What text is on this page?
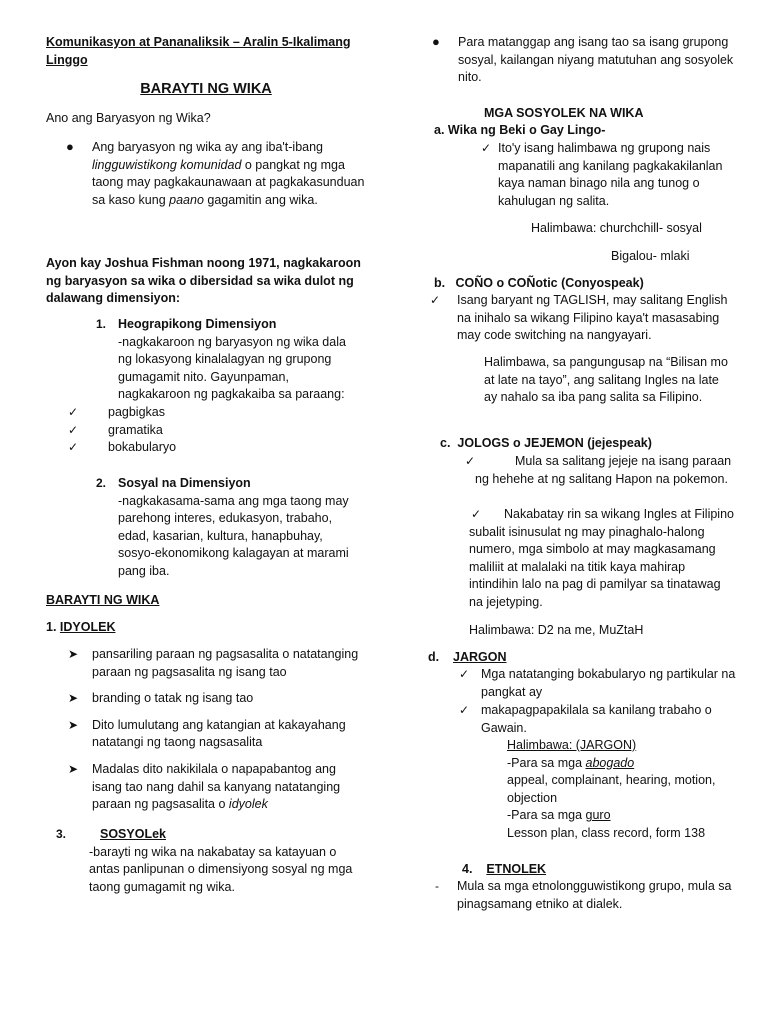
Komunikasyon at Pananaliksik – Aralin 5-Ikalimang
Linggo
BARAYTI NG WIKA
Ano ang Baryasyon ng Wika?
●	Ang baryasyon ng wika ay ang iba't-ibang lingguwistikong komunidad o pangkat ng mga taong may pagkakaunawaan at pagkakasunduan sa kaso kung paano gagamitin ang wika.
Ayon kay Joshua Fishman noong 1971, nagkakaroon ng baryasyon sa wika o dibersidad sa wika dulot ng dalawang dimensiyon:
1. Heograpikong Dimensiyon
-nagkakaroon ng baryasyon ng wika dala ng lokasyong kinalalagyan ng grupong gumagamit nito. Gayunpaman, nagkakaroon ng pagkakaiba sa paraang:
✓ pagbigkas
✓ gramatika
✓ bokabularyo
2. Sosyal na Dimensiyon
-nagkakasama-sama ang mga taong may parehong interes, edukasyon, trabaho, edad, kasarian, kultura, hanapbuhay, sosyo-ekonomikong kalagayan at marami pang iba.
BARAYTI NG WIKA
1. IDYOLEK
➤	pansariling paraan ng pagsasalita o natatanging paraan ng pagsasalita ng isang tao
➤	branding o tatak ng isang tao
➤	Dito lumulutang ang katangian at kakayahang natatangi ng taong nagsasalita
➤	Madalas dito nakikilala o napapabantog ang isang tao nang dahil sa kanyang natatanging paraan ng pagsasalita o idyolek
3.	SOSYOLek
-barayti ng wika na nakabatay sa katayuan o antas panlipunan o dimensiyong sosyal ng mga taong gumagamit ng wika.
●	Para matanggap ang isang tao sa isang grupong sosyal, kailangan niyang matutuhan ang sosyolek nito.
MGA SOSYOLEK NA WIKA
a. Wika ng Beki o Gay Lingo-
✓ Ito'y isang halimbawa ng grupong nais mapanatili ang kanilang pagkakakilanlan kaya naman binago nila ang tunog o kahulugan ng salita.
Halimbawa: churchchill- sosyal
Bigalou- mlaki
b. COÑO o COÑotic (Conyospeak)
✓	Isang baryant ng TAGLISH, may salitang English na inihalo sa wikang Filipino kaya't masasabing may code switching na nangyayari.
Halimbawa, sa pangungusap na “Bilisan mo at late na tayo”, ang salitang Ingles na late ay nahalo sa iba pang salita sa Filipino.
c. JOLOGS o JEJEMON (jejespeak)
✓	Mula sa salitang jejeje na isang paraan ng hehehe at ng salitang Hapon na pokemon.
✓	Nakabatay rin sa wikang Ingles at Filipino subalit isinusulat ng may pinaghalo-halong numero, mga simbolo at may magkasamang maliliit at malalaki na titik kaya mahirap intindihin lalo na pag di pamilyar sa tinatawag na jejetyping.
Halimbawa: D2 na me, MuZtaH
d. JARGON
✓ Mga natatanging bokabularyo ng partikular na pangkat ay
✓ makapagpapakilala sa kanilang trabaho o Gawain.
Halimbawa: (JARGON)
-Para sa mga abogado
appeal, complainant, hearing, motion, objection
-Para sa mga guro
Lesson plan, class record, form 138
4. ETNOLEK
-	Mula sa mga etnolongguwistikong grupo, mula sa pinagsamang etniko at dialek.
